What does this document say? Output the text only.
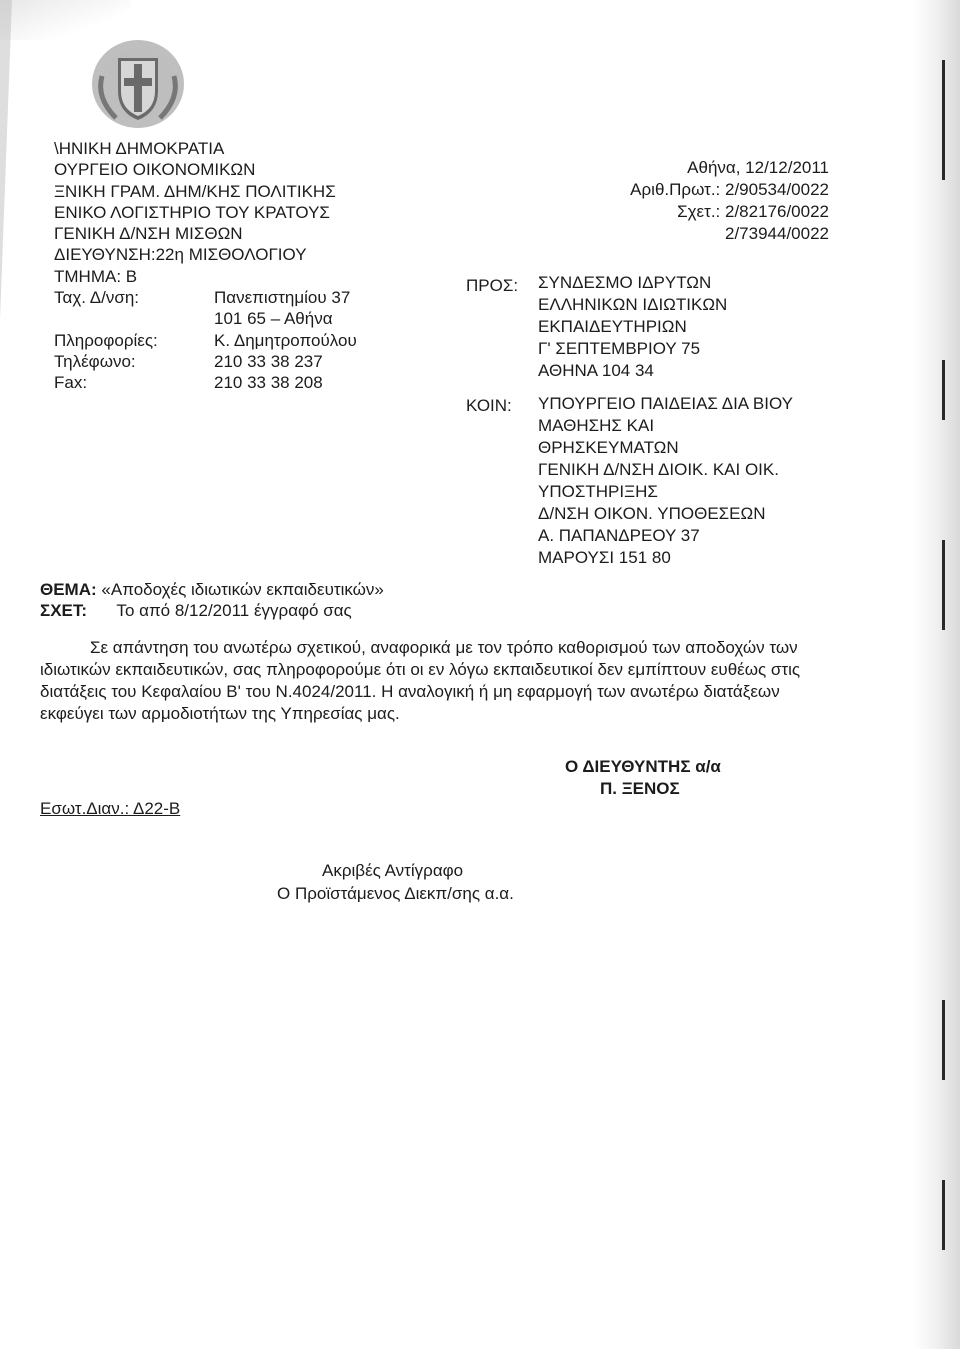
\ΗΝΙΚΗ ΔΗΜΟΚΡΑΤΙΑ
ΟΥΡΓΕΙΟ ΟΙΚΟΝΟΜΙΚΩΝ
ΞΝΙΚΗ ΓΡΑΜ. ΔΗΜ/ΚΗΣ ΠΟΛΙΤΙΚΗΣ
ΕΝΙΚΟ ΛΟΓΙΣΤΗΡΙΟ ΤΟΥ ΚΡΑΤΟΥΣ
ΓΕΝΙΚΗ Δ/ΝΣΗ ΜΙΣΘΩΝ
ΔΙΕΥΘΥΝΣΗ:22η ΜΙΣΘΟΛΟΓΙΟΥ
ΤΜΗΜΑ: Β
Ταχ. Δ/νση:	Πανεπιστημίου 37
101 65 – Αθήνα
Πληροφορίες:	Κ. Δημητροπούλου
Τηλέφωνο:	210 33 38 237
Fax:	210 33 38 208
Αθήνα, 12/12/2011
Αριθ.Πρωτ.: 2/90534/0022
Σχετ.: 2/82176/0022
2/73944/0022
ΠΡΟΣ: ΣΥΝΔΕΣΜΟ ΙΔΡΥΤΩΝ
ΕΛΛΗΝΙΚΩΝ ΙΔΙΩΤΙΚΩΝ
ΕΚΠΑΙΔΕΥΤΗΡΙΩΝ
Γ' ΣΕΠΤΕΜΒΡΙΟΥ 75
ΑΘΗΝΑ 104 34
ΚΟΙΝ: ΥΠΟΥΡΓΕΙΟ ΠΑΙΔΕΙΑΣ ΔΙΑ ΒΙΟΥ
ΜΑΘΗΣΗΣ ΚΑΙ
ΘΡΗΣΚΕΥΜΑΤΩΝ
ΓΕΝΙΚΗ Δ/ΝΣΗ ΔΙΟΙΚ. ΚΑΙ ΟΙΚ.
ΥΠΟΣΤΗΡΙΞΗΣ
Δ/ΝΣΗ ΟΙΚΟΝ. ΥΠΟΘΕΣΕΩΝ
Α. ΠΑΠΑΝΔΡΕΟΥ 37
ΜΑΡΟΥΣΙ 151 80
ΘΕΜΑ: «Αποδοχές ιδιωτικών εκπαιδευτικών»
ΣΧΕΤ: Το από 8/12/2011 έγγραφό σας
Σε απάντηση του ανωτέρω σχετικού, αναφορικά με τον τρόπο καθορισμού των αποδοχών των
ιδιωτικών εκπαιδευτικών, σας πληροφορούμε ότι οι εν λόγω εκπαιδευτικοί δεν εμπίπτουν ευθέως στις
διατάξεις του Κεφαλαίου Β' του Ν.4024/2011. Η αναλογική ή μη εφαρμογή των ανωτέρω διατάξεων
εκφεύγει των αρμοδιοτήτων της Υπηρεσίας μας.
Ο ΔΙΕΥΘΥΝΤΗΣ α/α
Π. ΞΕΝΟΣ
Εσωτ.Διαν.: Δ22-Β
Ακριβές Αντίγραφο
Ο Προϊστάμενος Διεκπ/σης α.α.
